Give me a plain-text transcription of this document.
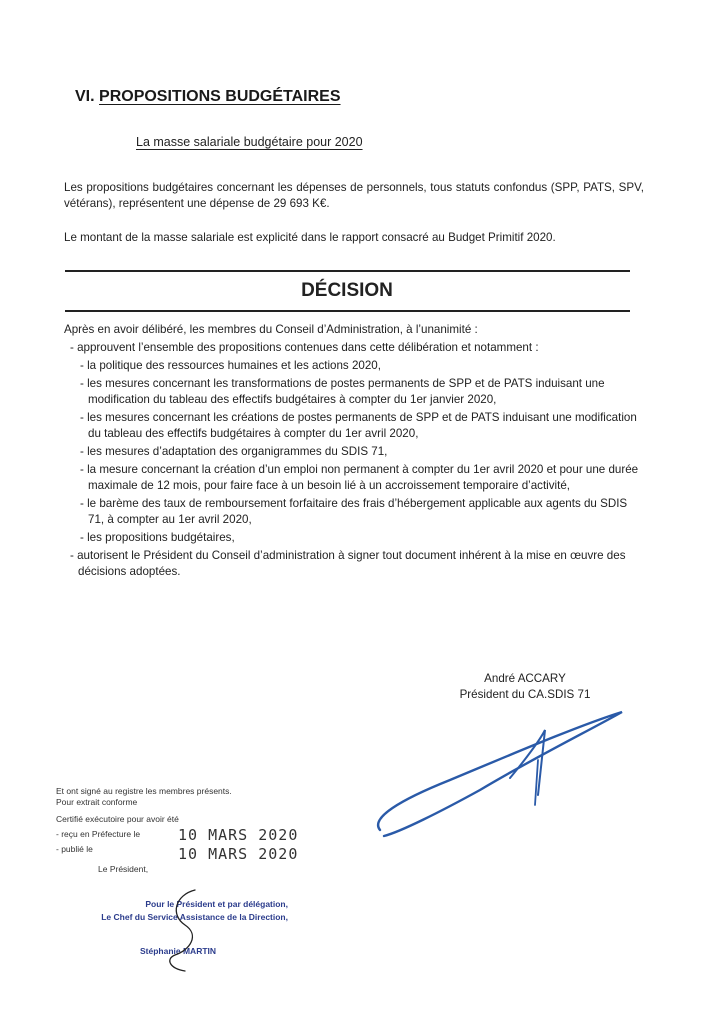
VI. PROPOSITIONS BUDGÉTAIRES
La masse salariale budgétaire pour 2020
Les propositions budgétaires concernant les dépenses de personnels, tous statuts confondus (SPP, PATS, SPV, vétérans), représentent une dépense de 29 693 K€.
Le montant de la masse salariale est explicité dans le rapport consacré au Budget Primitif 2020.
DÉCISION
Après en avoir délibéré, les membres du Conseil d’Administration, à l’unanimité :
- approuvent l’ensemble des propositions contenues dans cette délibération et notamment :
- la politique des ressources humaines et les actions 2020,
- les mesures concernant les transformations de postes permanents de SPP et de PATS induisant une modification du tableau des effectifs budgétaires à compter du 1er janvier 2020,
- les mesures concernant les créations de postes permanents de SPP et de PATS induisant une modification du tableau des effectifs budgétaires à compter du 1er avril 2020,
- les mesures d’adaptation des organigrammes du SDIS 71,
- la mesure concernant la création d’un emploi non permanent à compter du 1er avril 2020 et pour une durée maximale de 12 mois, pour faire face à un besoin lié à un accroissement temporaire d’activité,
- le barème des taux de remboursement forfaitaire des frais d’hébergement applicable aux agents du SDIS 71, à compter au 1er avril 2020,
- les propositions budgétaires,
- autorisent le Président du Conseil d’administration à signer tout document inhérent à la mise en œuvre des décisions adoptées.
André ACCARY
Président du CA.SDIS 71
Et ont signé au registre les membres présents.
Pour extrait conforme
Certifié exécutoire pour avoir été
- reçu en Préfecture le
- publié le
10 MARS 2020
10 MARS 2020
Le Président,
Pour le Président et par délégation,
Le Chef du Service Assistance de la Direction,
Stéphanie MARTIN
